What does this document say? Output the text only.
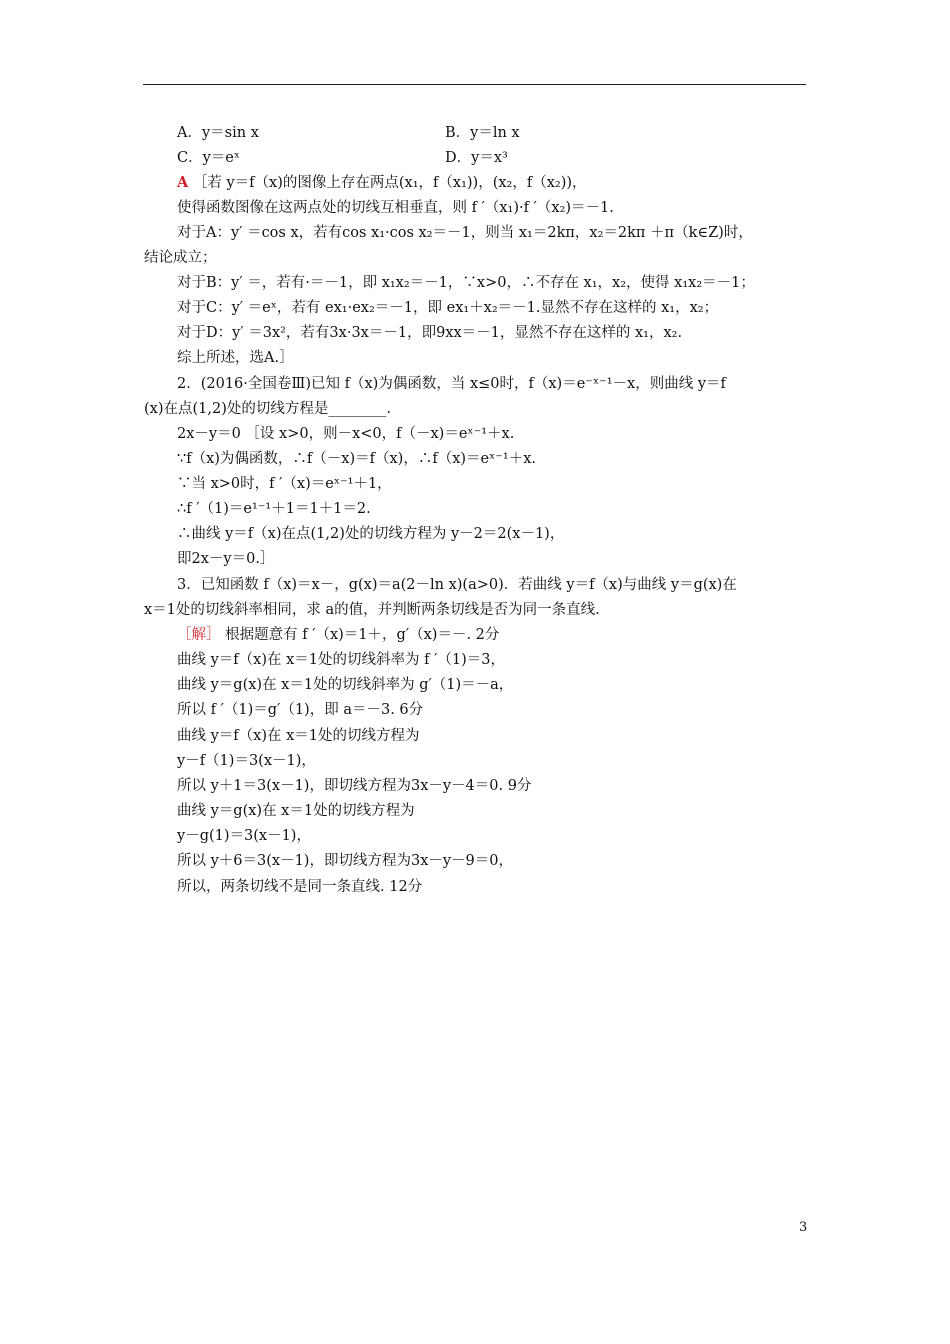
A．y＝sin x	B．y＝ln x
C．y＝eˣ	D．y＝x³
A ［若 y＝f（x)的图像上存在两点(x₁，f（x₁))，(x₂，f（x₂))，
使得函数图像在这两点处的切线互相垂直，则 f ′（x₁)·f ′（x₂)＝－1.
对于A：y′ ＝cos x，若有cos x₁·cos x₂＝－1，则当 x₁＝2kπ，x₂＝2kπ ＋π（k∈Z)时，
结论成立；
对于B：y′ ＝，若有·＝－1，即 x₁x₂＝－1，∵x>0，∴不存在 x₁，x₂，使得 x₁x₂＝－1；
对于C：y′ ＝eˣ，若有 ex₁·ex₂＝－1，即 ex₁＋x₂＝－1.显然不存在这样的 x₁，x₂；
对于D：y′ ＝3x²，若有3x·3x＝－1，即9xx＝－1，显然不存在这样的 x₁，x₂.
综上所述，选A.］
2．(2016·全国卷Ⅲ)已知 f（x)为偶函数，当 x≤0时，f（x)＝e⁻ˣ⁻¹－x，则曲线 y＝f
(x)在点(1,2)处的切线方程是________.
2x－y＝0 ［设 x>0，则－x<0，f（－x)＝eˣ⁻¹＋x.
∵f（x)为偶函数，∴f（－x)＝f（x)，∴f（x)＝eˣ⁻¹＋x.
∵当 x>0时，f ′（x)＝eˣ⁻¹＋1，
∴f ′（1)＝e¹⁻¹＋1＝1＋1＝2.
∴曲线 y＝f（x)在点(1,2)处的切线方程为 y－2＝2(x－1)，
即2x－y＝0.］
3．已知函数 f（x)＝x－，g(x)＝a(2－ln x)(a>0)．若曲线 y＝f（x)与曲线 y＝g(x)在
x＝1处的切线斜率相同，求 a的值，并判断两条切线是否为同一条直线.
［解］ 根据题意有 f ′（x)＝1＋，g′（x)＝－. 2分
曲线 y＝f（x)在 x＝1处的切线斜率为 f ′（1)＝3，
曲线 y＝g(x)在 x＝1处的切线斜率为 g′（1)＝－a，
所以 f ′（1)＝g′（1)，即 a＝－3. 6分
曲线 y＝f（x)在 x＝1处的切线方程为
y－f（1)＝3(x－1)，
所以 y＋1＝3(x－1)，即切线方程为3x－y－4＝0. 9分
曲线 y＝g(x)在 x＝1处的切线方程为
y－g(1)＝3(x－1)，
所以 y＋6＝3(x－1)，即切线方程为3x－y－9＝0，
所以，两条切线不是同一条直线. 12分
3
